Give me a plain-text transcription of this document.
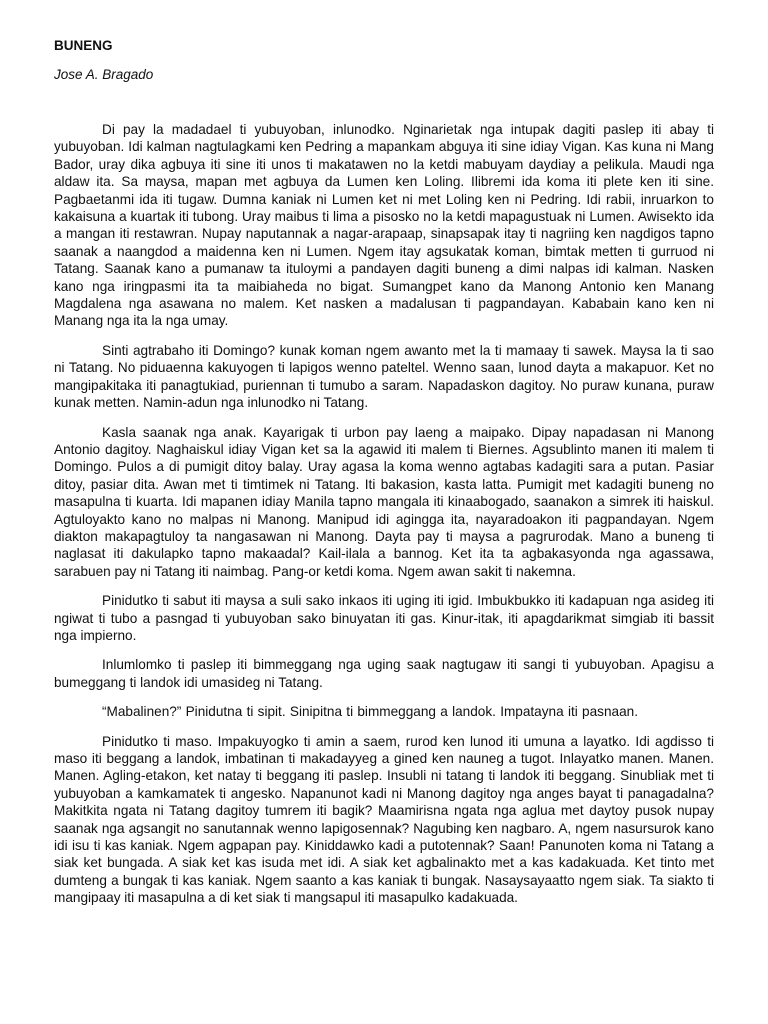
BUNENG

Jose A. Bragado

Di pay la madadael ti yubuyoban, inlunodko. Nginarietak nga intupak dagiti paslep iti abay ti yubuyoban. Idi kalman nagtulagkami ken Pedring a mapankam abguya iti sine idiay Vigan. Kas kuna ni Mang Bador, uray dika agbuya iti sine iti unos ti makatawen no la ketdi mabuyam daydiay a pelikula. Maudi nga aldaw ita. Sa maysa, mapan met agbuya da Lumen ken Loling. Ilibremi ida koma iti plete ken iti sine. Pagbaetanmi ida iti tugaw. Dumna kaniak ni Lumen ket ni met Loling ken ni Pedring. Idi rabii, inruarkon to kakaisuna a kuartak iti tubong. Uray maibus ti lima a pisosko no la ketdi mapagustuak ni Lumen. Awisekto ida a mangan iti restawran. Nupay naputannak a nagar-arapaap, sinapsapak itay ti nagriing ken nagdigos tapno saanak a naangdod a maidenna ken ni Lumen. Ngem itay agsukatak koman, bimtak metten ti gurruod ni Tatang. Saanak kano a pumanaw ta ituloymi a pandayen dagiti buneng a dimi nalpas idi kalman. Nasken kano nga iringpasmi ita ta maibiaheda no bigat. Sumangpet kano da Manong Antonio ken Manang Magdalena nga asawana no malem. Ket nasken a madalusan ti pagpandayan. Kababain kano ken ni Manang nga ita la nga umay.

Sinti agtrabaho iti Domingo? kunak koman ngem awanto met la ti mamaay ti sawek. Maysa la ti sao ni Tatang. No piduaenna kakuyogen ti lapigos wenno pateltel. Wenno saan, lunod dayta a makapuor. Ket no mangipakitaka iti panagtukiad, puriennan ti tumubo a saram. Napadaskon dagitoy. No puraw kunana, puraw kunak metten. Namin-adun nga inlunodko ni Tatang.

Kasla saanak nga anak. Kayarigak ti urbon pay laeng a maipako. Dipay napadasan ni Manong Antonio dagitoy. Naghaiskul idiay Vigan ket sa la agawid iti malem ti Biernes. Agsublinto manen iti malem ti Domingo. Pulos a di pumigit ditoy balay. Uray agasa la koma wenno agtabas kadagiti sara a putan. Pasiar ditoy, pasiar dita. Awan met ti timtimek ni Tatang. Iti bakasion, kasta latta. Pumigit met kadagiti buneng no masapulna ti kuarta. Idi mapanen idiay Manila tapno mangala iti kinaabogado, saanakon a simrek iti haiskul. Agtuloyakto kano no malpas ni Manong. Manipud idi agingga ita, nayaradoakon iti pagpandayan. Ngem diakton makapagtuloy ta nangasawan ni Manong. Dayta pay ti maysa a pagrurodak. Mano a buneng ti naglasat iti dakulapko tapno makaadal? Kail-ilala a bannog. Ket ita ta agbakasyonda nga agassawa, sarabuen pay ni Tatang iti naimbag. Pang-or ketdi koma. Ngem awan sakit ti nakemna.

Pinidutko ti sabut iti maysa a suli sako inkaos iti uging iti igid. Imbukbukko iti kadapuan nga asideg iti ngiwat ti tubo a pasngad ti yubuyoban sako binuyatan iti gas. Kinur-itak, iti apagdarikmat simgiab iti bassit nga impierno.

Inlumlomko ti paslep iti bimmeggang nga uging saak nagtugaw iti sangi ti yubuyoban. Apagisu a bumeggang ti landok idi umasideg ni Tatang.

“Mabalinen?” Pinidutna ti sipit. Sinipitna ti bimmeggang a landok. Impatayna iti pasnaan.

Pinidutko ti maso. Impakuyogko ti amin a saem, rurod ken lunod iti umuna a layatko. Idi agdisso ti maso iti beggang a landok, imbatinan ti makadayyeg a gined ken nauneg a tugot. Inlayatko manen. Manen. Manen. Agling-etakon, ket natay ti beggang iti paslep. Insubli ni tatang ti landok iti beggang. Sinubliak met ti yubuyoban a kamkamatek ti angesko. Napanunot kadi ni Manong dagitoy nga anges bayat ti panagadalna? Makitkita ngata ni Tatang dagitoy tumrem iti bagik? Maamirisna ngata nga aglua met daytoy pusok nupay saanak nga agsangit no sanutannak wenno lapigosennak? Nagubing ken nagbaro. A, ngem nasursurok kano idi isu ti kas kaniak. Ngem agpapan pay. Kiniddawko kadi a putotennak? Saan! Panunoten koma ni Tatang a siak ket bungada. A siak ket kas isuda met idi. A siak ket agbalinakto met a kas kadakuada. Ket tinto met dumteng a bungak ti kas kaniak. Ngem saanto a kas kaniak ti bungak. Nasaysayaatto ngem siak. Ta siakto ti mangipaay iti masapulna a di ket siak ti mangsapul iti masapulko kadakuada.
